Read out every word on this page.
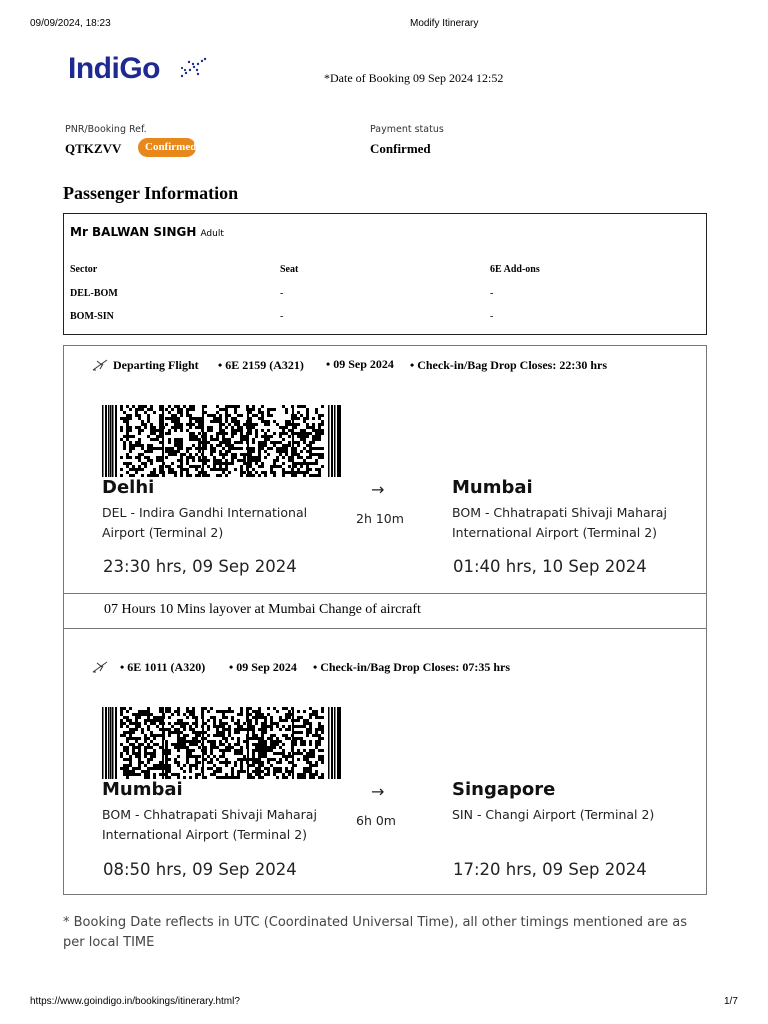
09/09/2024, 18:23	Modify Itinerary
IndiGo	*Date of Booking 09 Sep 2024 12:52
PNR/Booking Ref.
QTKZVV	Confirmed
Payment status
Confirmed
Passenger Information
Mr BALWAN SINGH Adult
Sector	Seat	6E Add-ons
DEL-BOM	-	-
BOM-SIN	-	-
Departing Flight • 6E 2159 (A321) • 09 Sep 2024 • Check-in/Bag Drop Closes: 22:30 hrs
Delhi
DEL - Indira Gandhi International Airport (Terminal 2)
→
2h 10m
Mumbai
BOM - Chhatrapati Shivaji Maharaj International Airport (Terminal 2)
23:30 hrs, 09 Sep 2024	01:40 hrs, 10 Sep 2024
07 Hours 10 Mins layover at Mumbai Change of aircraft
• 6E 1011 (A320) • 09 Sep 2024 • Check-in/Bag Drop Closes: 07:35 hrs
Mumbai
BOM - Chhatrapati Shivaji Maharaj International Airport (Terminal 2)
→
6h 0m
Singapore
SIN - Changi Airport (Terminal 2)
08:50 hrs, 09 Sep 2024	17:20 hrs, 09 Sep 2024
* Booking Date reflects in UTC (Coordinated Universal Time), all other timings mentioned are as per local TIME
https://www.goindigo.in/bookings/itinerary.html?	1/7
